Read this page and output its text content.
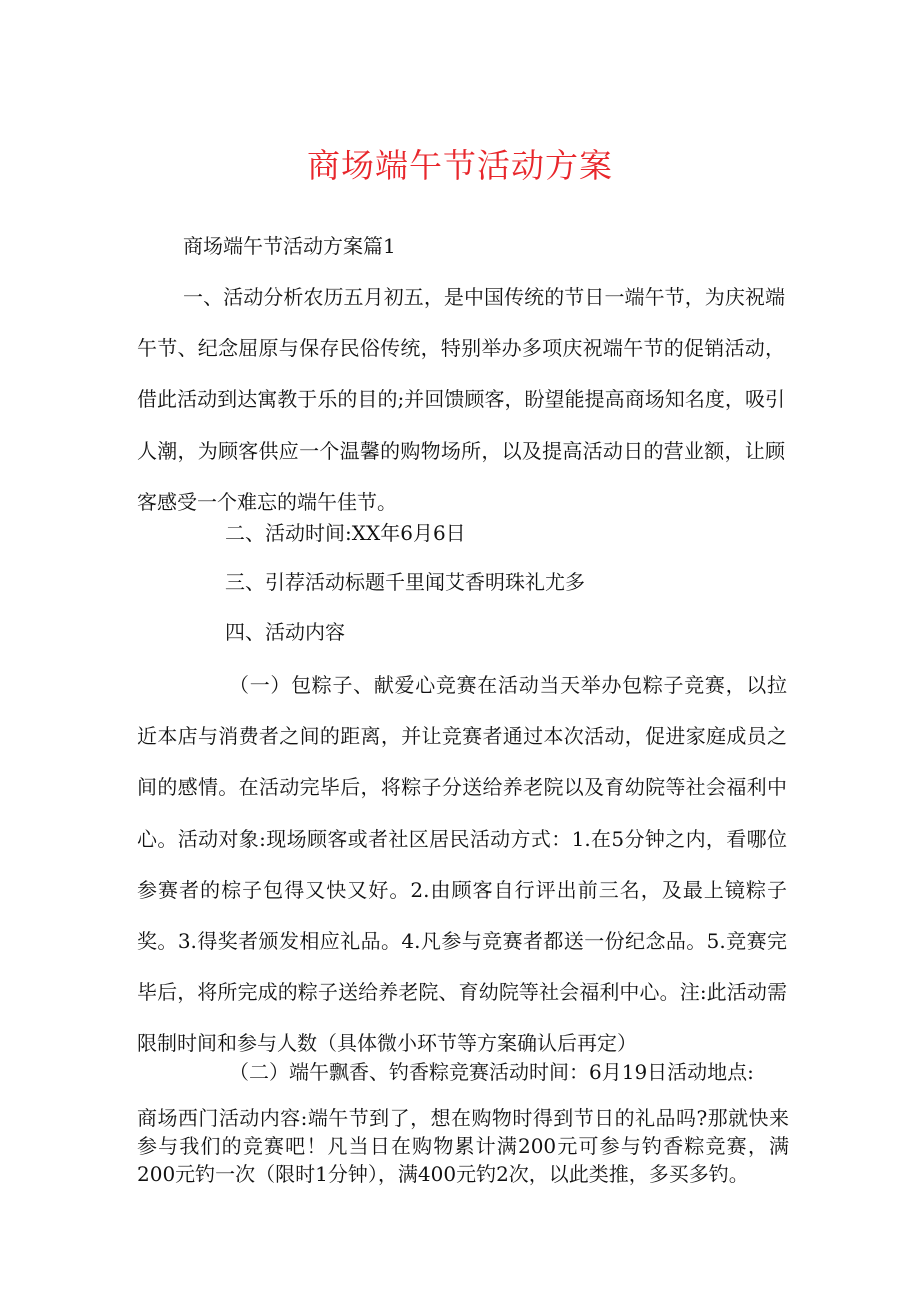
商场端午节活动方案

商场端午节活动方案篇1

一、活动分析农历五月初五，是中国传统的节日一端午节，为庆祝端午节、纪念屈原与保存民俗传统，特别举办多项庆祝端午节的促销活动，借此活动到达寓教于乐的目的;并回馈顾客，盼望能提高商场知名度，吸引人潮，为顾客供应一个温馨的购物场所，以及提高活动日的营业额，让顾客感受一个难忘的端午佳节。

二、活动时间:XX年6月6日

三、引荐活动标题千里闻艾香明珠礼尤多

四、活动内容

（一）包粽子、献爱心竞赛在活动当天举办包粽子竞赛，以拉近本店与消费者之间的距离，并让竞赛者通过本次活动，促进家庭成员之间的感情。在活动完毕后，将粽子分送给养老院以及育幼院等社会福利中心。活动对象:现场顾客或者社区居民活动方式：1.在5分钟之内，看哪位参赛者的棕子包得又快又好。2.由顾客自行评出前三名，及最上镜粽子奖。3.得奖者颁发相应礼品。4.凡参与竞赛者都送一份纪念品。5.竞赛完毕后，将所完成的粽子送给养老院、育幼院等社会福利中心。注:此活动需限制时间和参与人数（具体微小环节等方案确认后再定）

（二）端午飘香、钓香粽竞赛活动时间：6月19日活动地点:

商场西门活动内容:端午节到了，想在购物时得到节日的礼品吗?那就快来参与我们的竞赛吧！凡当日在购物累计满200元可参与钓香粽竞赛，满200元钓一次（限时1分钟），满400元钓2次，以此类推，多买多钓。
